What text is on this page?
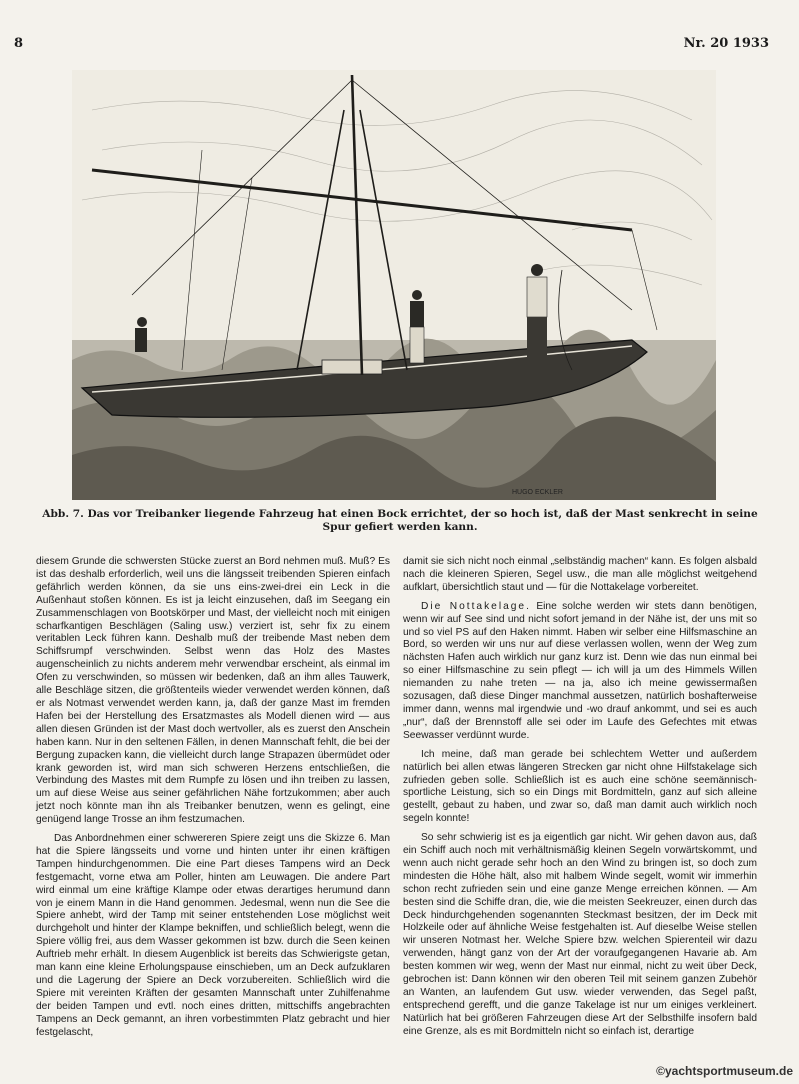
8	Nr. 20 1933
HUGO ECKLER
Abb. 7. Das vor Treibanker liegende Fahrzeug hat einen Bock errichtet, der so hoch ist, daß der Mast senkrecht in seine Spur gefiert werden kann.

diesem Grunde die schwersten Stücke zuerst an Bord nehmen muß. Muß? Es ist das deshalb erforderlich, weil uns die längsseit treibenden Spieren einfach gefährlich werden können, da sie uns eins-zwei-drei ein Leck in die Außenhaut stoßen können. Es ist ja leicht einzusehen, daß im Seegang ein Zusammenschlagen von Bootskörper und Mast, der vielleicht noch mit einigen scharfkantigen Beschlägen (Saling usw.) verziert ist, sehr fix zu einem veritablen Leck führen kann. Deshalb muß der treibende Mast neben dem Schiffsrumpf verschwinden. Selbst wenn das Holz des Mastes augenscheinlich zu nichts anderem mehr verwendbar erscheint, als einmal im Ofen zu verschwinden, so müssen wir bedenken, daß an ihm alles Tauwerk, alle Beschläge sitzen, die größtenteils wieder verwendet werden können, daß er als Notmast verwendet werden kann, ja, daß der ganze Mast im fremden Hafen bei der Herstellung des Ersatzmastes als Modell dienen wird — aus allen diesen Gründen ist der Mast doch wertvoller, als es zuerst den Anschein haben kann. Nur in den seltenen Fällen, in denen Mannschaft fehlt, die bei der Bergung zupacken kann, die vielleicht durch lange Strapazen übermüdet oder krank geworden ist, wird man sich schweren Herzens entschließen, die Verbindung des Mastes mit dem Rumpfe zu lösen und ihn treiben zu lassen, um auf diese Weise aus seiner gefährlichen Nähe fortzukommen; aber auch jetzt noch könnte man ihn als Treibanker benutzen, wenn es gelingt, eine genügend lange Trosse an ihm festzumachen.

Das Anbordnehmen einer schwereren Spiere zeigt uns die Skizze 6. Man hat die Spiere längsseits und vorne und hinten unter ihr einen kräftigen Tampen hindurchgenommen. Die eine Part dieses Tampens wird an Deck festgemacht, vorne etwa am Poller, hinten am Leuwagen. Die andere Part wird einmal um eine kräftige Klampe oder etwas derartiges herumund dann von je einem Mann in die Hand genommen. Jedesmal, wenn nun die See die Spiere anhebt, wird der Tamp mit seiner entstehenden Lose möglichst weit durchgeholt und hinter der Klampe bekniffen, und schließlich belegt, wenn die Spiere völlig frei, aus dem Wasser gekommen ist bzw. durch die Seen keinen Auftrieb mehr erhält. In diesem Augenblick ist bereits das Schwierigste getan, man kann eine kleine Erholungspause einschieben, um an Deck aufzuklaren und die Lagerung der Spiere an Deck vorzubereiten. Schließlich wird die Spiere mit vereinten Kräften der gesamten Mannschaft unter Zuhilfenahme der beiden Tampen und evtl. noch eines dritten, mittschiffs angebrachten Tampens an Deck gemannt, an ihren vorbestimmten Platz gebracht und hier festgelascht,

damit sie sich nicht noch einmal „selbständig machen“ kann. Es folgen alsbald nach die kleineren Spieren, Segel usw., die man alle möglichst weitgehend aufklart, übersichtlich staut und — für die Nottakelage vorbereitet.

Die Nottakelage. Eine solche werden wir stets dann benötigen, wenn wir auf See sind und nicht sofort jemand in der Nähe ist, der uns mit so und so viel PS auf den Haken nimmt. Haben wir selber eine Hilfsmaschine an Bord, so werden wir uns nur auf diese verlassen wollen, wenn der Weg zum nächsten Hafen auch wirklich nur ganz kurz ist. Denn wie das nun einmal bei so einer Hilfsmaschine zu sein pflegt — ich will ja um des Himmels Willen niemanden zu nahe treten — na ja, also ich meine gewissermaßen sozusagen, daß diese Dinger manchmal aussetzen, natürlich boshafterweise immer dann, wenns mal irgendwie und -wo drauf ankommt, und sei es auch „nur“, daß der Brennstoff alle sei oder im Laufe des Gefechtes mit etwas Seewasser verdünnt wurde.

Ich meine, daß man gerade bei schlechtem Wetter und außerdem natürlich bei allen etwas längeren Strecken gar nicht ohne Hilfstakelage sich zufrieden geben solle. Schließlich ist es auch eine schöne seemännisch-sportliche Leistung, sich so ein Dings mit Bordmitteln, ganz auf sich alleine gestellt, gebaut zu haben, und zwar so, daß man damit auch wirklich noch segeln konnte!

So sehr schwierig ist es ja eigentlich gar nicht. Wir gehen davon aus, daß ein Schiff auch noch mit verhältnismäßig kleinen Segeln vorwärtskommt, und wenn auch nicht gerade sehr hoch an den Wind zu bringen ist, so doch zum mindesten die Höhe hält, also mit halbem Winde segelt, womit wir immerhin schon recht zufrieden sein und eine ganze Menge erreichen können. — Am besten sind die Schiffe dran, die, wie die meisten Seekreuzer, einen durch das Deck hindurchgehenden sogenannten Steckmast besitzen, der im Deck mit Holzkeile oder auf ähnliche Weise festgehalten ist. Auf dieselbe Weise stellen wir unseren Notmast her. Welche Spiere bzw. welchen Spierenteil wir dazu verwenden, hängt ganz von der Art der voraufgegangenen Havarie ab. Am besten kommen wir weg, wenn der Mast nur einmal, nicht zu weit über Deck, gebrochen ist: Dann können wir den oberen Teil mit seinem ganzen Zubehör an Wanten, an laufendem Gut usw. wieder verwenden, das Segel paßt, entsprechend gerefft, und die ganze Takelage ist nur um einiges verkleinert. Natürlich hat bei größeren Fahrzeugen diese Art der Selbsthilfe insofern bald eine Grenze, als es mit Bordmitteln nicht so einfach ist, derartige

©yachtsportmuseum.de
